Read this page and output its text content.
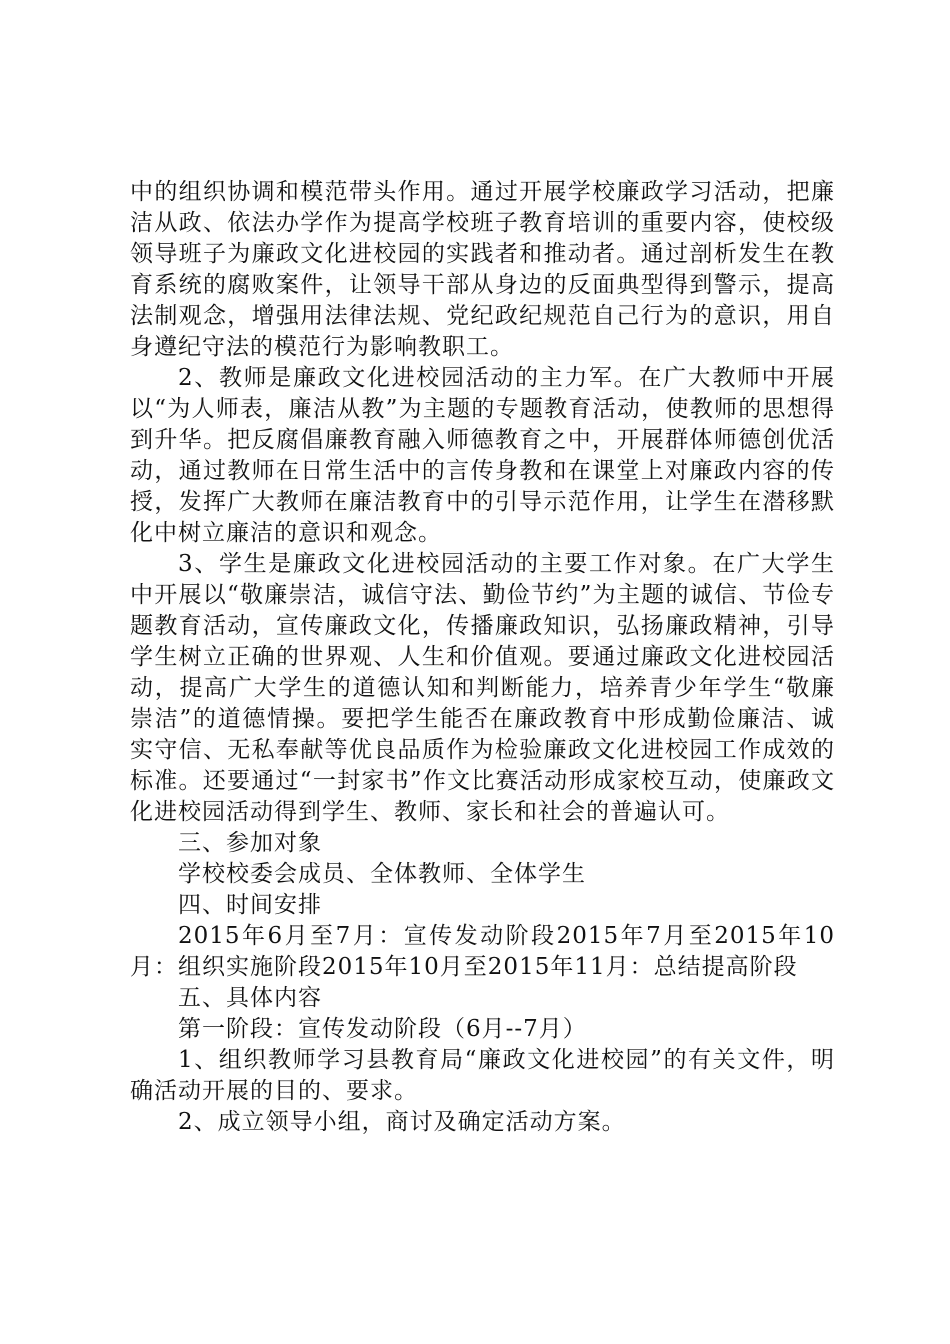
中的组织协调和模范带头作用。通过开展学校廉政学习活动，把廉洁从政、依法办学作为提高学校班子教育培训的重要内容，使校级领导班子为廉政文化进校园的实践者和推动者。通过剖析发生在教育系统的腐败案件，让领导干部从身边的反面典型得到警示，提高法制观念，增强用法律法规、党纪政纪规范自己行为的意识，用自身遵纪守法的模范行为影响教职工。

2、教师是廉政文化进校园活动的主力军。在广大教师中开展以“为人师表，廉洁从教”为主题的专题教育活动，使教师的思想得到升华。把反腐倡廉教育融入师德教育之中，开展群体师德创优活动，通过教师在日常生活中的言传身教和在课堂上对廉政内容的传授，发挥广大教师在廉洁教育中的引导示范作用，让学生在潜移默化中树立廉洁的意识和观念。

3、学生是廉政文化进校园活动的主要工作对象。在广大学生中开展以“敬廉崇洁，诚信守法、勤俭节约”为主题的诚信、节俭专题教育活动，宣传廉政文化，传播廉政知识，弘扬廉政精神，引导学生树立正确的世界观、人生和价值观。要通过廉政文化进校园活动，提高广大学生的道德认知和判断能力，培养青少年学生“敬廉崇洁”的道德情操。要把学生能否在廉政教育中形成勤俭廉洁、诚实守信、无私奉献等优良品质作为检验廉政文化进校园工作成效的标准。还要通过“一封家书”作文比赛活动形成家校互动，使廉政文化进校园活动得到学生、教师、家长和社会的普遍认可。

三、参加对象

学校校委会成员、全体教师、全体学生

四、时间安排

2015年6月至7月：宣传发动阶段2015年7月至2015年10月：组织实施阶段2015年10月至2015年11月：总结提高阶段

五、具体内容

第一阶段：宣传发动阶段（6月--7月）

1、组织教师学习县教育局“廉政文化进校园”的有关文件，明确活动开展的目的、要求。

2、成立领导小组，商讨及确定活动方案。
